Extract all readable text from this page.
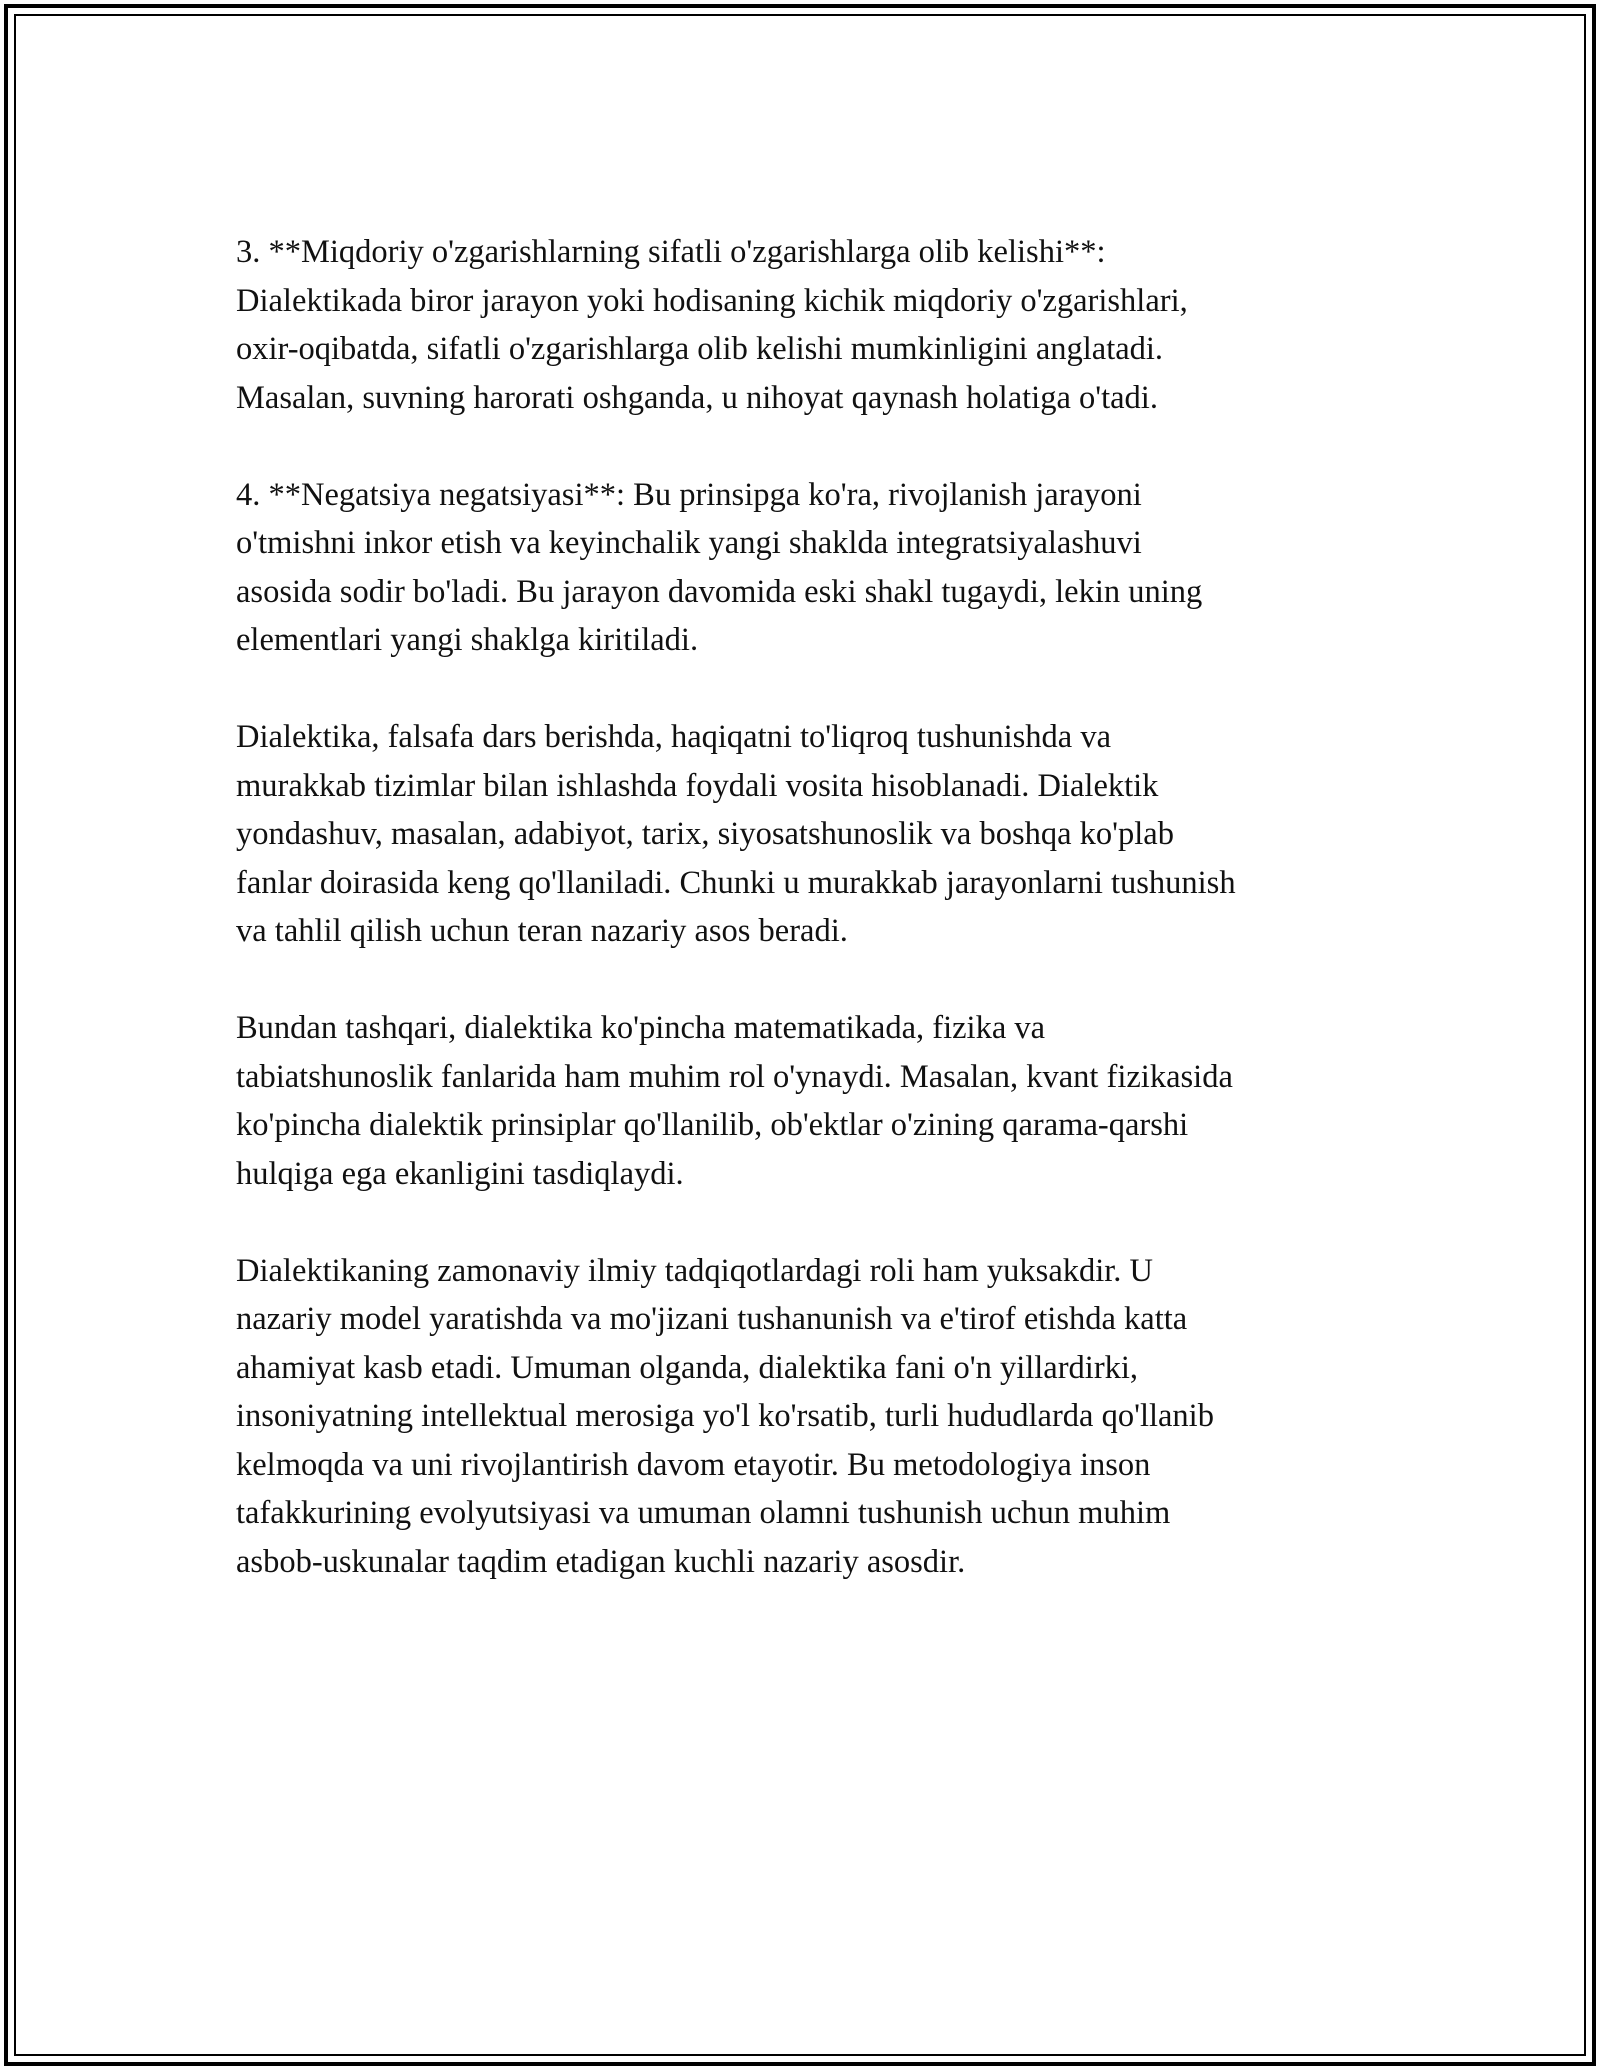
3. **Miqdoriy o'zgarishlarning sifatli o'zgarishlarga olib kelishi**:
Dialektikada biror jarayon yoki hodisaning kichik miqdoriy o'zgarishlari,
oxir-oqibatda, sifatli o'zgarishlarga olib kelishi mumkinligini anglatadi.
Masalan, suvning harorati oshganda, u nihoyat qaynash holatiga o'tadi.

4. **Negatsiya negatsiyasi**: Bu prinsipga ko'ra, rivojlanish jarayoni
o'tmishni inkor etish va keyinchalik yangi shaklda integratsiyalashuvi
asosida sodir bo'ladi. Bu jarayon davomida eski shakl tugaydi, lekin uning
elementlari yangi shaklga kiritiladi.

Dialektika, falsafa dars berishda, haqiqatni to'liqroq tushunishda va
murakkab tizimlar bilan ishlashda foydali vosita hisoblanadi. Dialektik
yondashuv, masalan, adabiyot, tarix, siyosatshunoslik va boshqa ko'plab
fanlar doirasida keng qo'llaniladi. Chunki u murakkab jarayonlarni tushunish
va tahlil qilish uchun teran nazariy asos beradi.

Bundan tashqari, dialektika ko'pincha matematikada, fizika va
tabiatshunoslik fanlarida ham muhim rol o'ynaydi. Masalan, kvant fizikasida
ko'pincha dialektik prinsiplar qo'llanilib, ob'ektlar o'zining qarama-qarshi
hulqiga ega ekanligini tasdiqlaydi.

Dialektikaning zamonaviy ilmiy tadqiqotlardagi roli ham yuksakdir. U
nazariy model yaratishda va mo'jizani tushanunish va e'tirof etishda katta
ahamiyat kasb etadi. Umuman olganda, dialektika fani o'n yillardirki,
insoniyatning intellektual merosiga yo'l ko'rsatib, turli hududlarda qo'llanib
kelmoqda va uni rivojlantirish davom etayotir. Bu metodologiya inson
tafakkurining evolyutsiyasi va umuman olamni tushunish uchun muhim
asbob-uskunalar taqdim etadigan kuchli nazariy asosdir.
